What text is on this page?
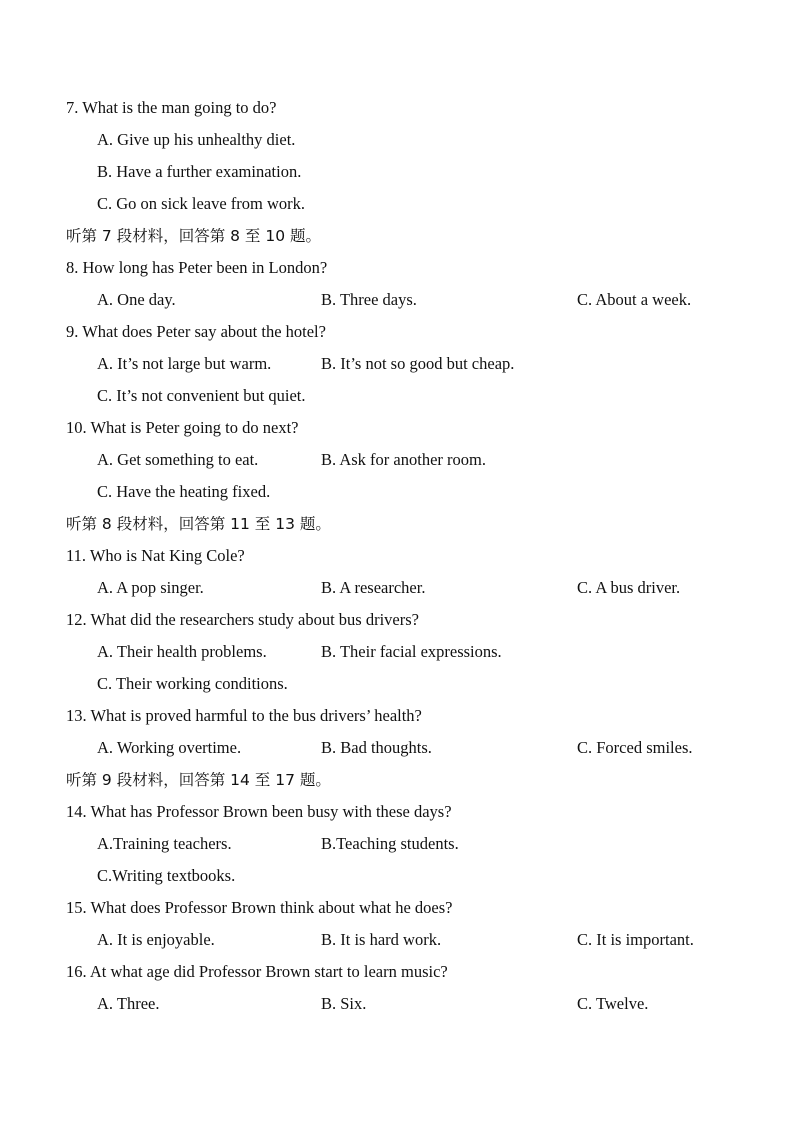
7. What is the man going to do?
A. Give up his unhealthy diet.
B. Have a further examination.
C. Go on sick leave from work.
听第 7 段材料，回答第 8 至 10 题。
8. How long has Peter been in London?
A. One day.	B. Three days.	C. About a week.
9. What does Peter say about the hotel?
A. It’s not large but warm.	B. It’s not so good but cheap.
C. It’s not convenient but quiet.
10. What is Peter going to do next?
A. Get something to eat.	B. Ask for another room.
C. Have the heating fixed.
听第 8 段材料，回答第 11 至 13 题。
11. Who is Nat King Cole?
A. A pop singer.	B. A researcher.	C. A bus driver.
12. What did the researchers study about bus drivers?
A. Their health problems.	B. Their facial expressions.
C. Their working conditions.
13. What is proved harmful to the bus drivers’ health?
A. Working overtime.	B. Bad thoughts.	C. Forced smiles.
听第 9 段材料，回答第 14 至 17 题。
14. What has Professor Brown been busy with these days?
A.Training teachers.	B.Teaching students.
C.Writing textbooks.
15. What does Professor Brown think about what he does?
A. It is enjoyable.	B. It is hard work.	C. It is important.
16. At what age did Professor Brown start to learn music?
A. Three.	B. Six.	C. Twelve.
